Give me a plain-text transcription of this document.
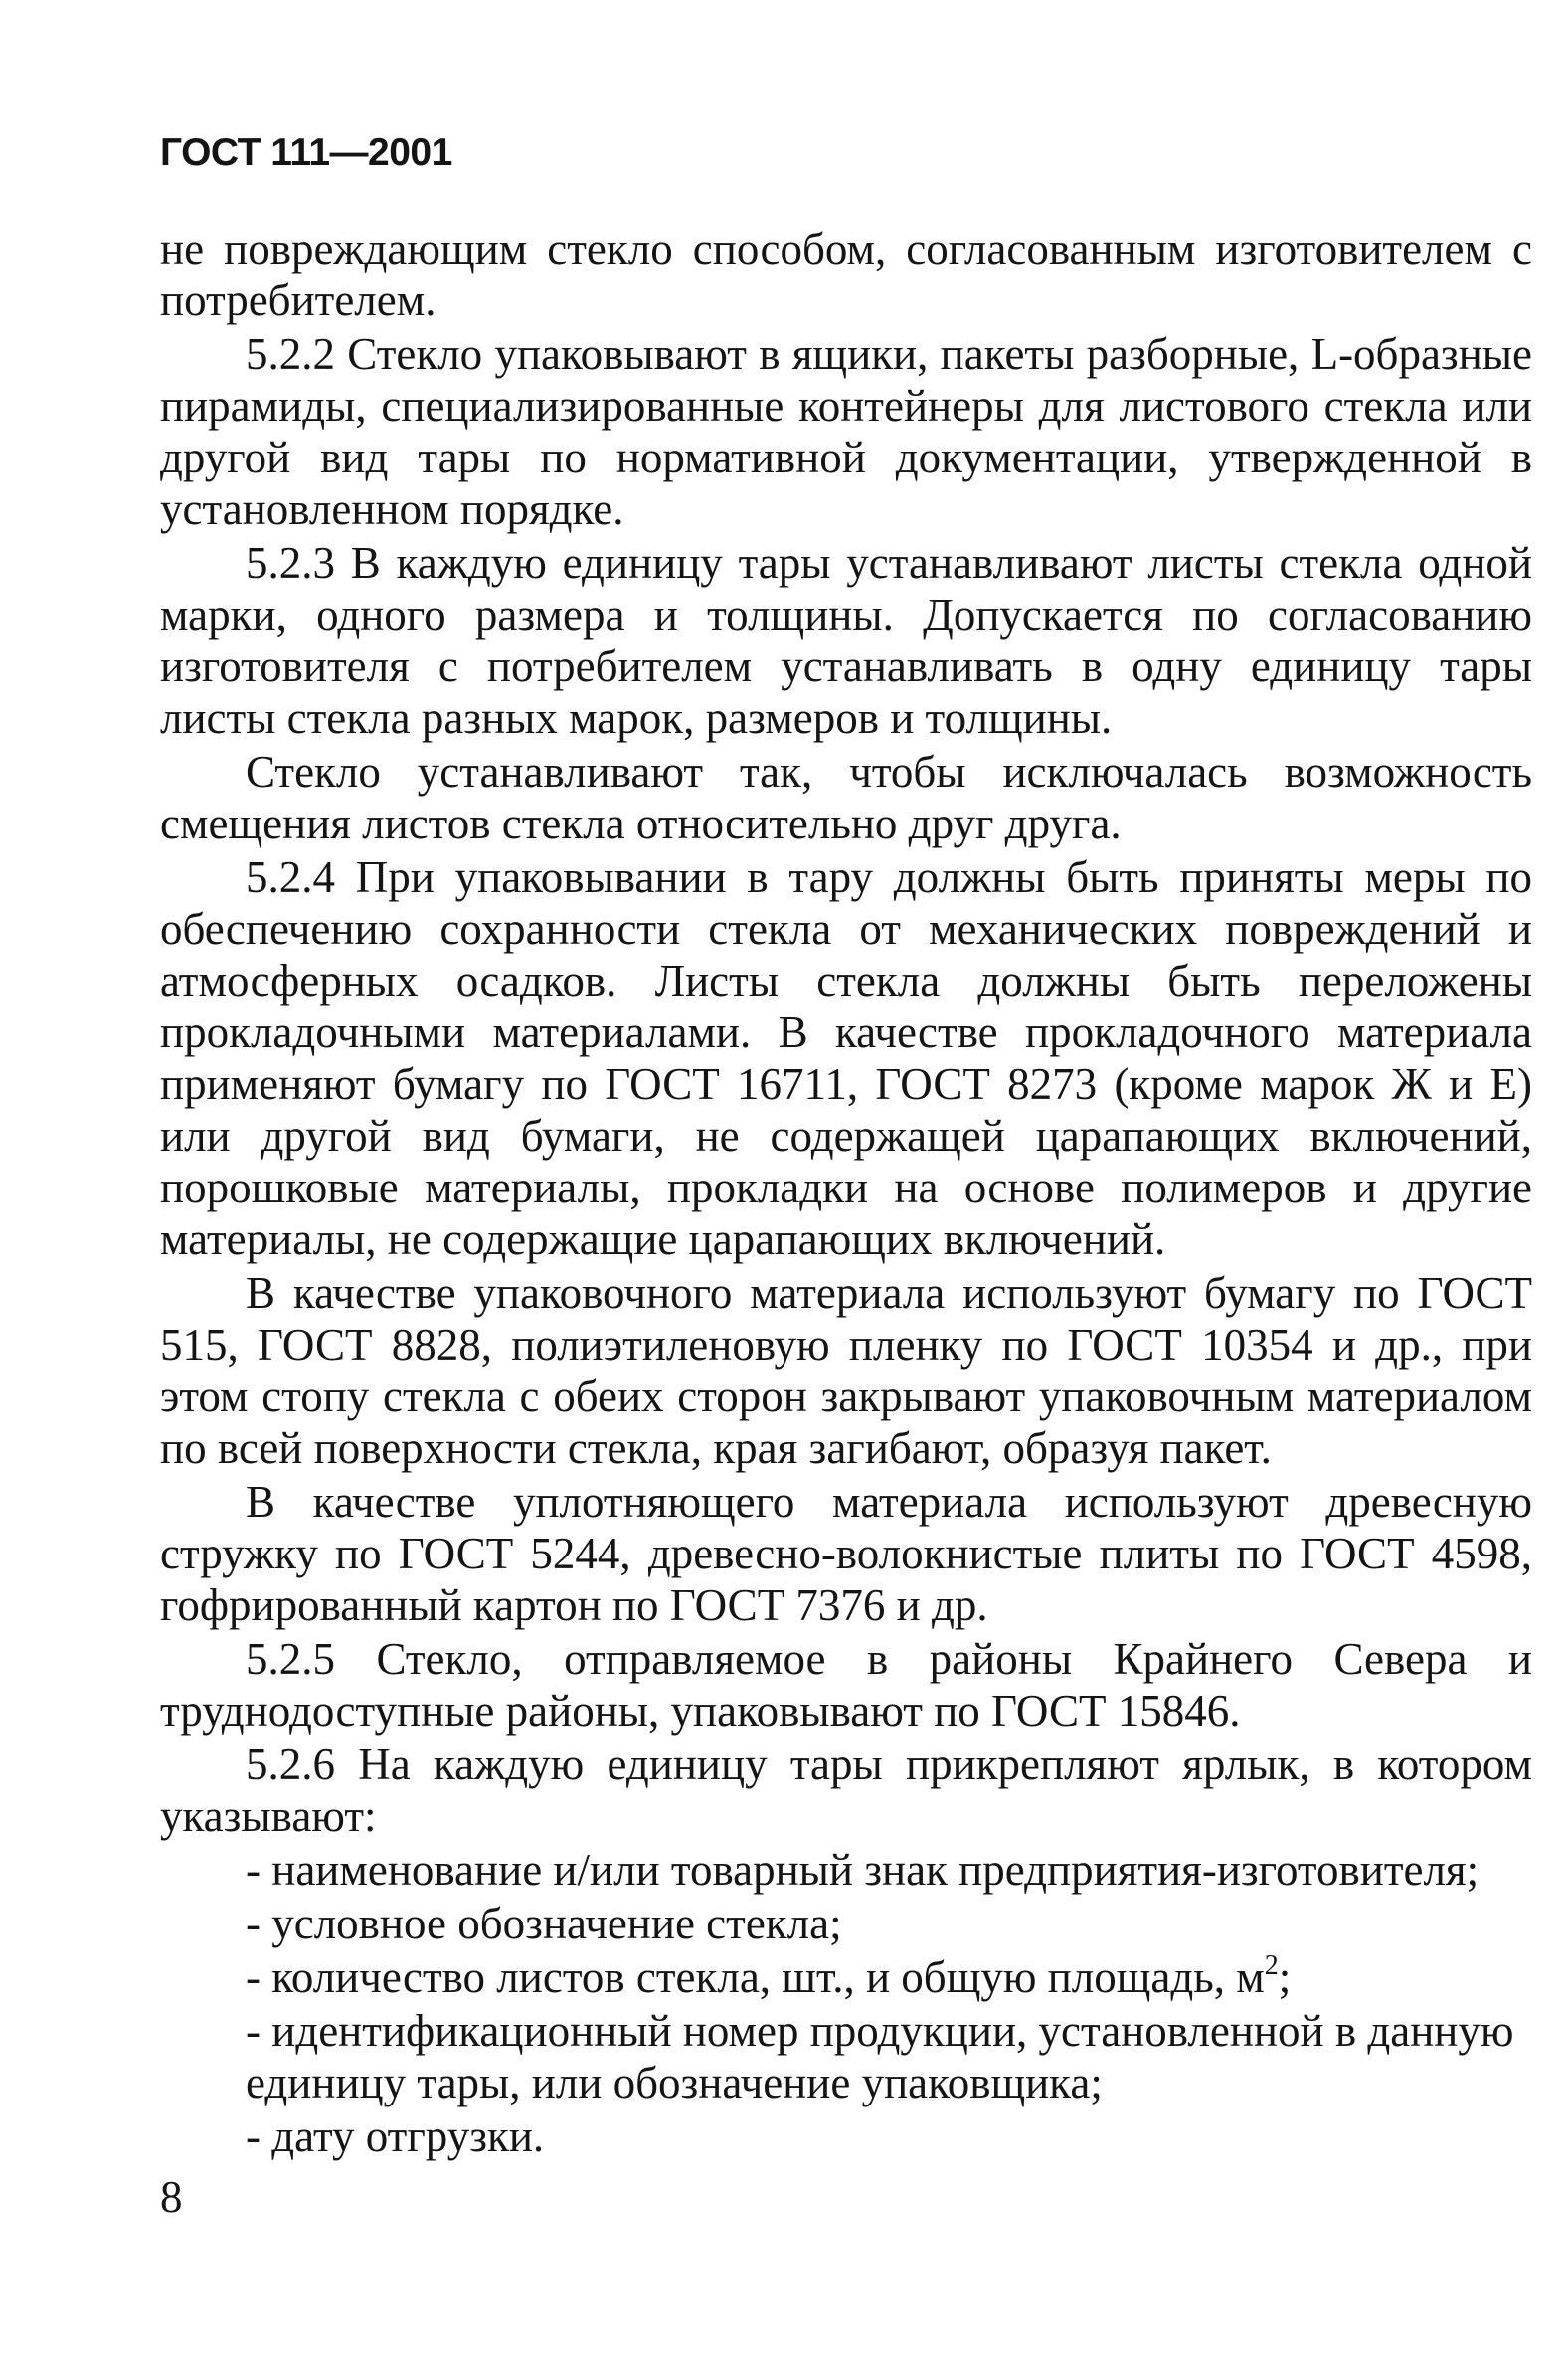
ГОСТ 111—2001

не повреждающим стекло способом, согласованным изготовителем с потребителем.

5.2.2 Стекло упаковывают в ящики, пакеты разборные, L-образные пирамиды, специализированные контейнеры для листового стекла или другой вид тары по нормативной документации, утвержденной в установленном порядке.

5.2.3 В каждую единицу тары устанавливают листы стекла одной марки, одного размера и толщины. Допускается по согласованию изготовителя с потребителем устанавливать в одну единицу тары листы стекла разных марок, размеров и толщины.

Стекло устанавливают так, чтобы исключалась возможность смещения листов стекла относительно друг друга.

5.2.4 При упаковывании в тару должны быть приняты меры по обеспечению сохранности стекла от механических повреждений и атмосферных осадков. Листы стекла должны быть переложены прокладочными материалами. В качестве прокладочного материала применяют бумагу по ГОСТ 16711, ГОСТ 8273 (кроме марок Ж и Е) или другой вид бумаги, не содержащей царапающих включений, порошковые материалы, прокладки на основе полимеров и другие материалы, не содержащие царапающих включений.

В качестве упаковочного материала используют бумагу по ГОСТ 515, ГОСТ 8828, полиэтиленовую пленку по ГОСТ 10354 и др., при этом стопу стекла с обеих сторон закрывают упаковочным материалом по всей поверхности стекла, края загибают, образуя пакет.

В качестве уплотняющего материала используют древесную стружку по ГОСТ 5244, древесно-волокнистые плиты по ГОСТ 4598, гофрированный картон по ГОСТ 7376 и др.

5.2.5 Стекло, отправляемое в районы Крайнего Севера и труднодоступные районы, упаковывают по ГОСТ 15846.

5.2.6 На каждую единицу тары прикрепляют ярлык, в котором указывают:

- наименование и/или товарный знак предприятия-изготовителя;

- условное обозначение стекла;

- количество листов стекла, шт., и общую площадь, $м^2$;

- идентификационный номер продукции, установленной в данную единицу тары, или обозначение упаковщика;

- дату отгрузки.

8
